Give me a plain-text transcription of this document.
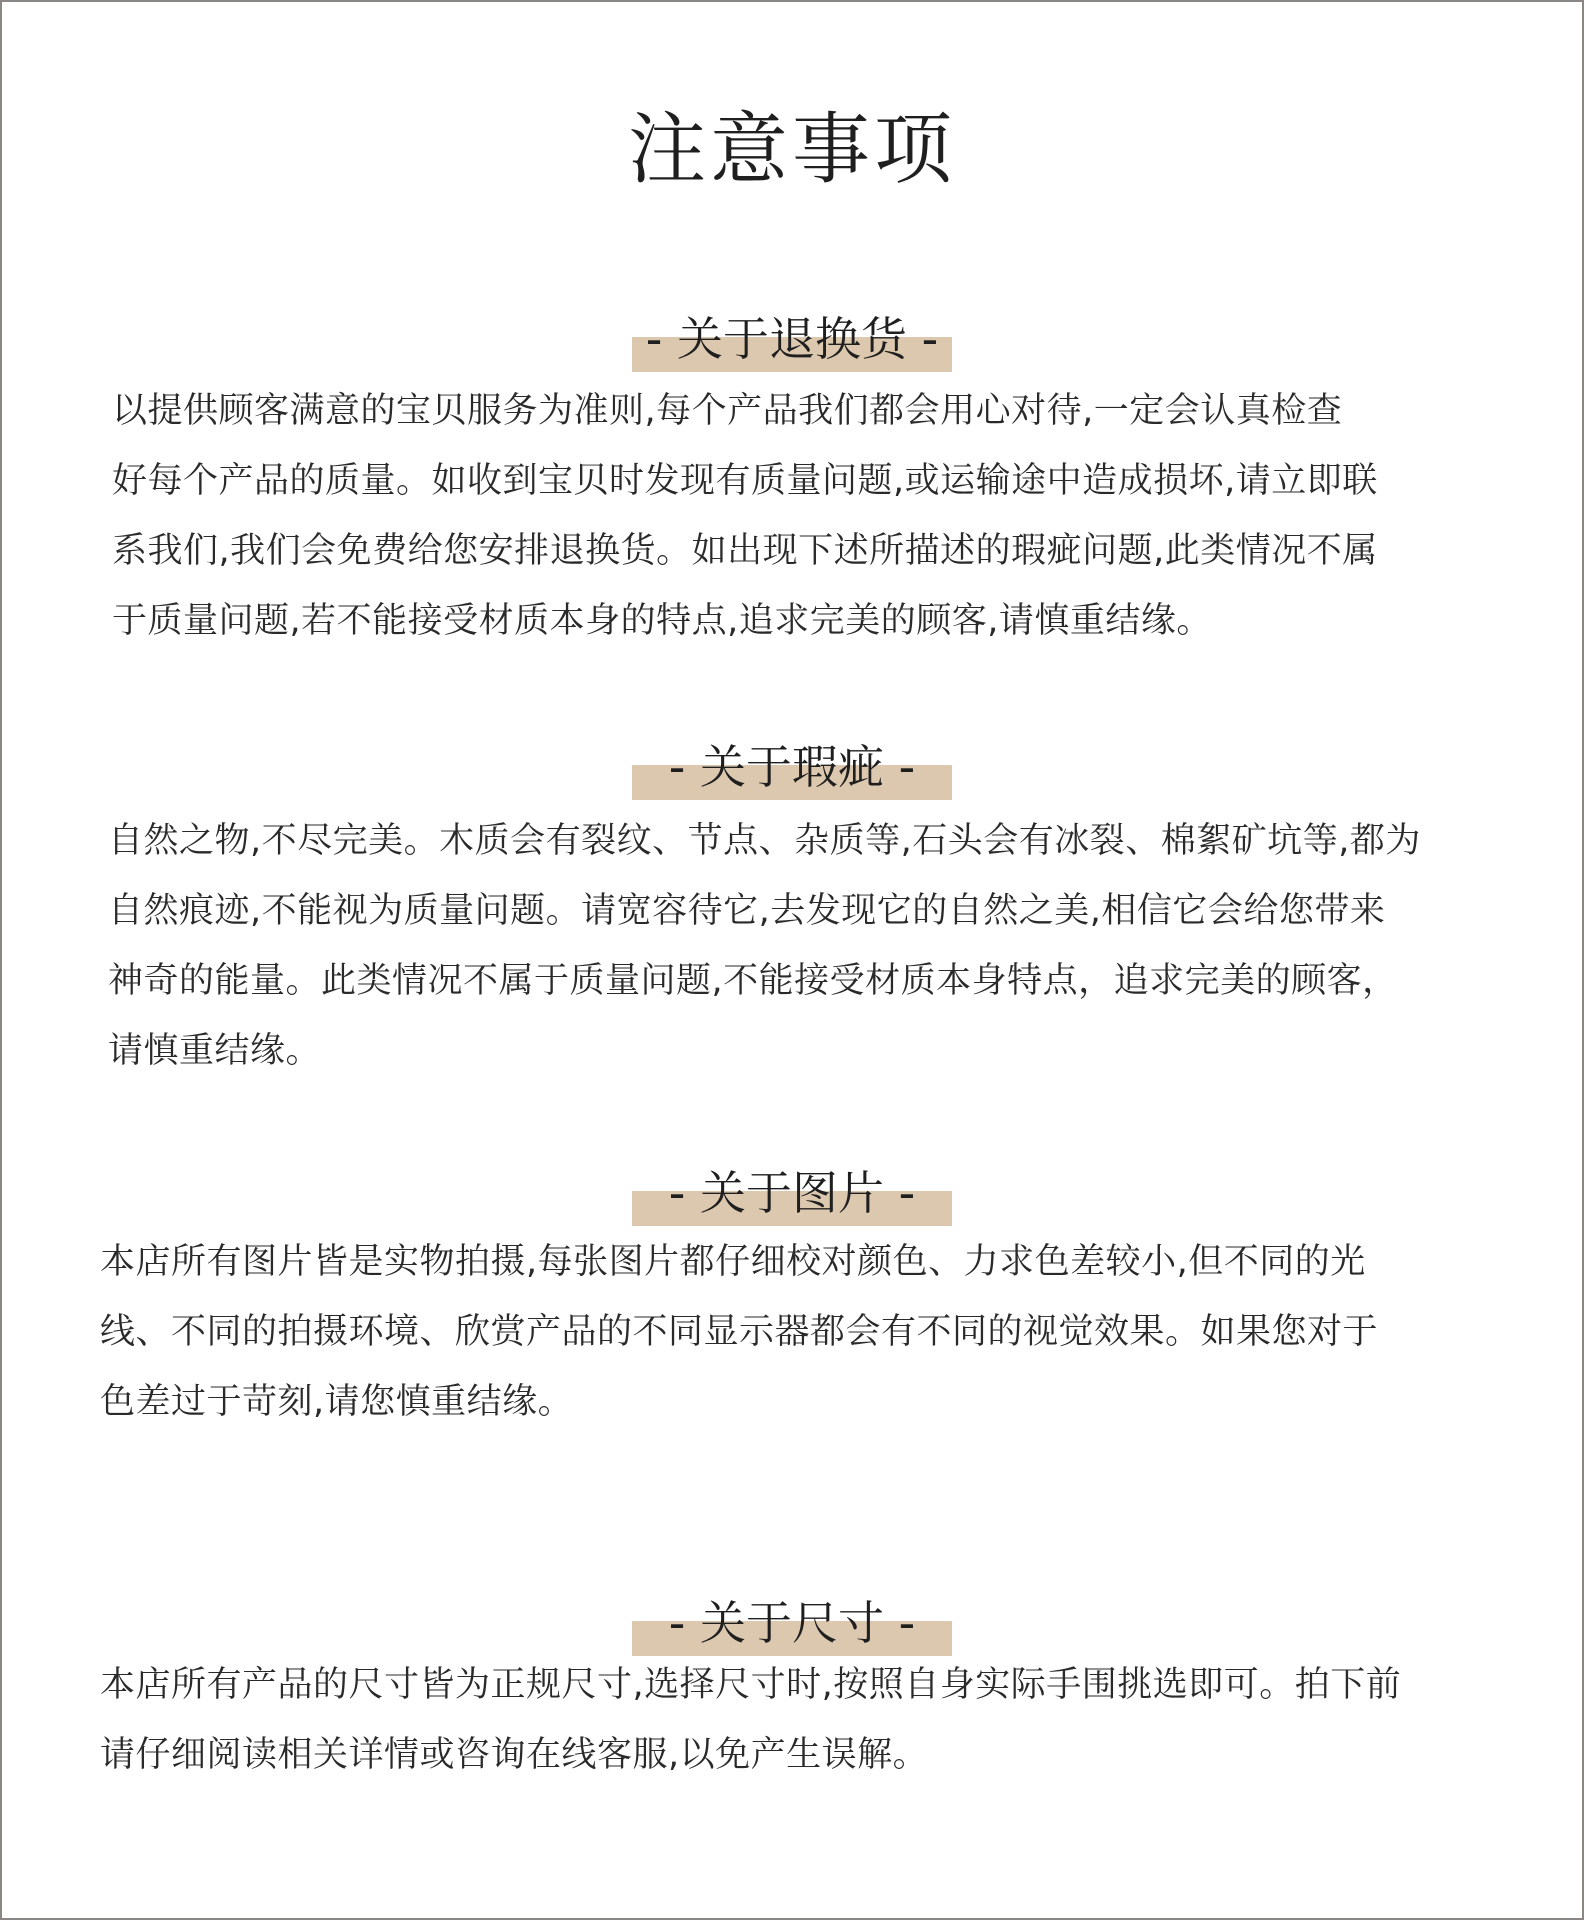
注意事项
- 关于退换货 -
以提供顾客满意的宝贝服务为准则,每个产品我们都会用心对待,一定会认真检查
好每个产品的质量。如收到宝贝时发现有质量问题,或运输途中造成损坏,请立即联
系我们,我们会免费给您安排退换货。如出现下述所描述的瑕疵问题,此类情况不属
于质量问题,若不能接受材质本身的特点,追求完美的顾客,请慎重结缘。
- 关于瑕疵 -
自然之物,不尽完美。木质会有裂纹、节点、杂质等,石头会有冰裂、棉絮矿坑等,都为
自然痕迹,不能视为质量问题。请宽容待它,去发现它的自然之美,相信它会给您带来
神奇的能量。此类情况不属于质量问题,不能接受材质本身特点，追求完美的顾客，
请慎重结缘。
- 关于图片 -
本店所有图片皆是实物拍摄,每张图片都仔细校对颜色、力求色差较小,但不同的光
线、不同的拍摄环境、欣赏产品的不同显示器都会有不同的视觉效果。如果您对于
色差过于苛刻,请您慎重结缘。
- 关于尺寸 -
本店所有产品的尺寸皆为正规尺寸,选择尺寸时,按照自身实际手围挑选即可。拍下前
请仔细阅读相关详情或咨询在线客服,以免产生误解。
